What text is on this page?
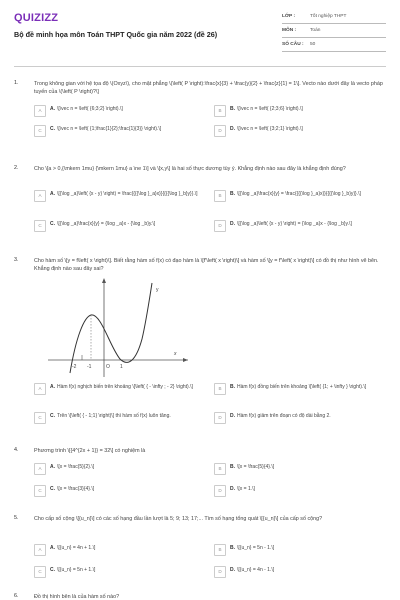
QUIZIZZ
Bộ đề minh họa môn Toán THPT Quốc gia năm 2022 (đề 26)
LỚP :	Tốt nghiệp THPT
MÔN :	Toán
SỐ CÂU :	50
1.	Trong không gian với hệ tọa độ \(Oxyz\), cho mặt phẳng \(\left( P \right):\frac{x}{3} + \frac{y}{2} + \frac{z}{1} = 1\]. Vecto nào dưới đây là vecto pháp tuyến của \(\left( P \right)?\]
A	A. \[\vec n = \left( {6;3;2} \right).\]	B	B. \[\vec n = \left( {2;3;6} \right).\]
C	C. \[\vec n = \left( {1;\frac{1}{2};\frac{1}{3}} \right).\]	D	D. \[\vec n = \left( {3;2;1} \right).\]
2.	Cho \[a > 0,{\mkern 1mu} {\mkern 1mu} a \ne 1\] và \[x,y\] là hai số thực dương tùy ý. Khẳng định nào sau đây là khẳng định đúng?
A	A. \[{\log _a}\left( {x - y} \right) = \frac{{{{\log }_a}x}}{{{{\log }_b}y}}.\]	B	B. \[{\log _a}\frac{x}{y} = \frac{{{{\log }_a}x}}{{{{\log }_b}y}}.\]
C	C. \[{\log _a}\frac{x}{y} = {\log _a}x - {\log _b}y.\]	D	D. \[{\log _a}\left( {x - y} \right) = {\log _a}x - {\log _b}y.\]
3.	Cho hàm số \[y = f\left( x \right)\]. Biết rằng hàm số f(x) có đạo hàm là \[f'\left( x \right)\] và hàm số \[y = f'\left( x \right)\] có đồ thị như hình vẽ bên. Khẳng định nào sau đây sai?
y
x
O
-2 -1	1
A	A. Hàm f(x) nghịch biến trên khoảng \[\left( { - \infty ; - 2} \right).\]	B	B. Hàm f(x) đồng biến trên khoảng \[\left( {1; + \infty } \right).\]
C	C. Trên \[\left( { - 1;1} \right)\] thì hàm số f(x) luôn tăng.	D	D. Hàm f(x) giảm trên đoạn có độ dài bằng 2.
4.	Phương trình \[{4^{2x + 1}} = 32\] có nghiệm là
A	A. \[x = \frac{5}{2}.\]	B	B. \[x = \frac{5}{4}.\]
C	C. \[x = \frac{3}{4}.\]	D	D. \[x = 1.\]
5.	Cho cấp số cộng \[{u_n}\] có các số hạng đầu lần lượt là 5; 9; 13; 17;... Tìm số hạng tổng quát \[{u_n}\] của cấp số cộng?
A	A. \[{u_n} = 4n + 1.\]	B	B. \[{u_n} = 5n - 1.\]
C	C. \[{u_n} = 5n + 1.\]	D	D. \[{u_n} = 4n - 1.\]
6.	Đồ thị hình bên là của hàm số nào?
